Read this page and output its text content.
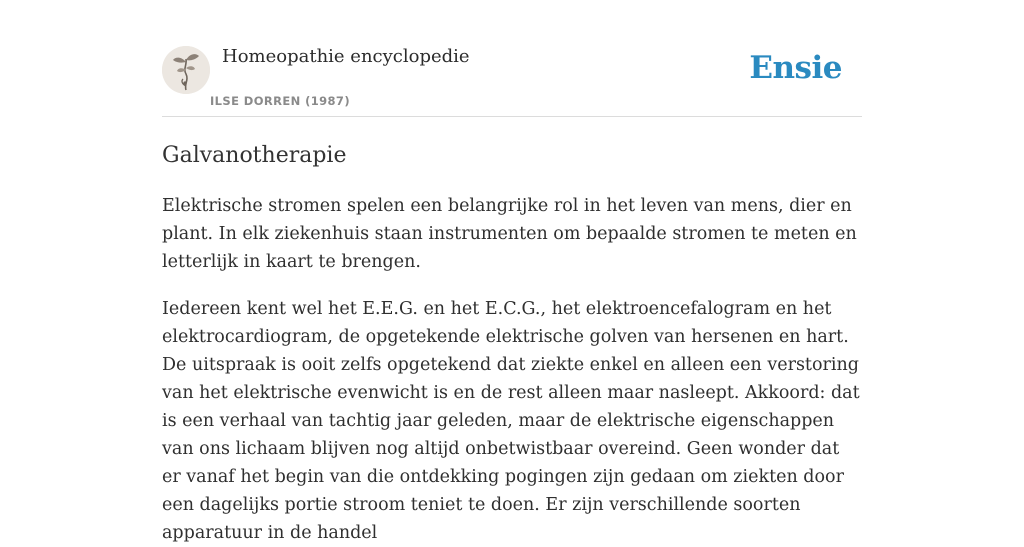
Homeopathie encyclopedie
ILSE DORREN (1987)
Ensie
Galvanotherapie

Elektrische stromen spelen een belangrijke rol in het leven van mens, dier en plant. In elk ziekenhuis staan instrumenten om bepaalde stromen te meten en letterlijk in kaart te brengen.

Iedereen kent wel het E.E.G. en het E.C.G., het elektroencefalogram en het elektrocardiogram, de opgetekende elektrische golven van hersenen en hart. De uitspraak is ooit zelfs opgetekend dat ziekte enkel en alleen een verstoring van het elektrische evenwicht is en de rest alleen maar nasleept. Akkoord: dat is een verhaal van tachtig jaar geleden, maar de elektrische eigenschappen van ons lichaam blijven nog altijd onbetwistbaar overeind. Geen wonder dat er vanaf het begin van die ontdekking pogingen zijn gedaan om ziekten door een dagelijks portie stroom teniet te doen. Er zijn verschillende soorten apparatuur in de handel
